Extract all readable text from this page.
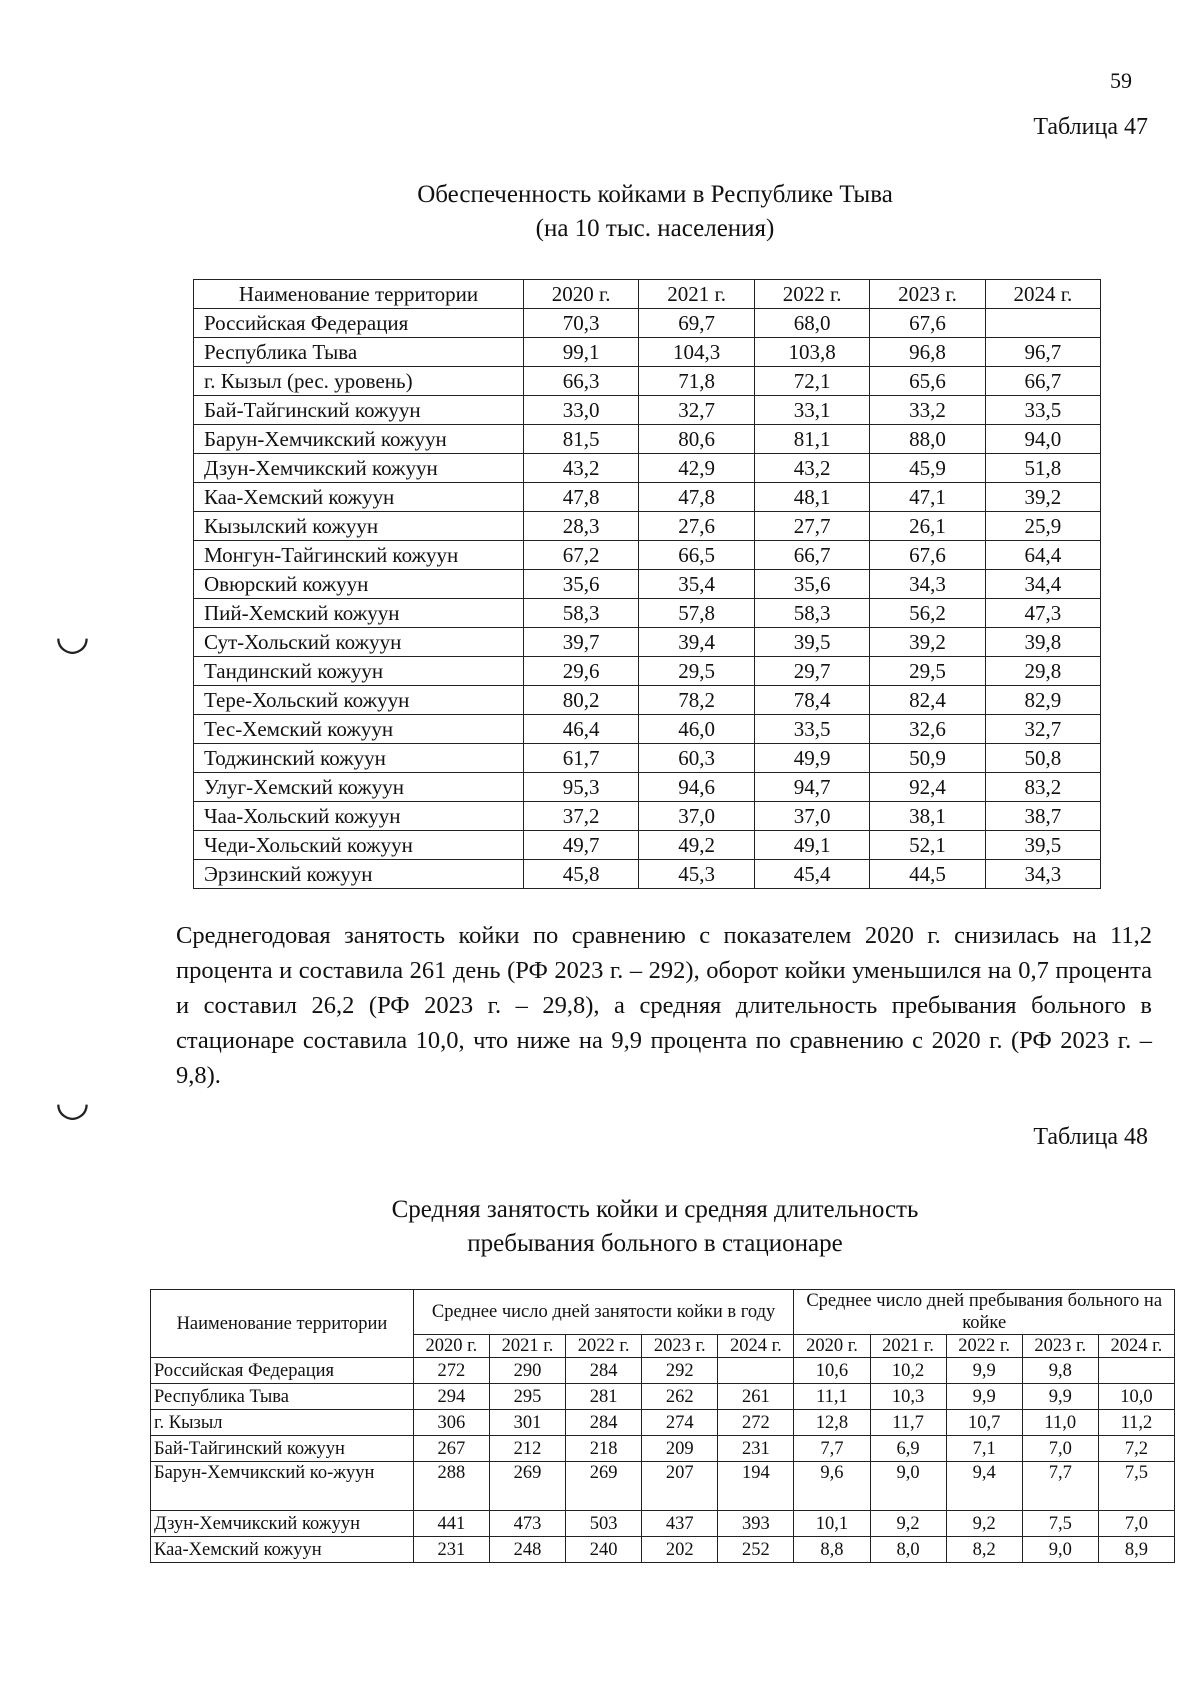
59
Таблица 47
Обеспеченность койками в Республике Тыва
(на 10 тыс. населения)
Наименование территории	2020 г.	2021 г.	2022 г.	2023 г.	2024 г.
Российская Федерация	70,3	69,7	68,0	67,6	
Республика Тыва	99,1	104,3	103,8	96,8	96,7
г. Кызыл (рес. уровень)	66,3	71,8	72,1	65,6	66,7
Бай-Тайгинский кожуун	33,0	32,7	33,1	33,2	33,5
Барун-Хемчикский кожуун	81,5	80,6	81,1	88,0	94,0
Дзун-Хемчикский кожуун	43,2	42,9	43,2	45,9	51,8
Каа-Хемский кожуун	47,8	47,8	48,1	47,1	39,2
Кызылский кожуун	28,3	27,6	27,7	26,1	25,9
Монгун-Тайгинский кожуун	67,2	66,5	66,7	67,6	64,4
Овюрский кожуун	35,6	35,4	35,6	34,3	34,4
Пий-Хемский кожуун	58,3	57,8	58,3	56,2	47,3
Сут-Хольский кожуун	39,7	39,4	39,5	39,2	39,8
Тандинский кожуун	29,6	29,5	29,7	29,5	29,8
Тере-Хольский кожуун	80,2	78,2	78,4	82,4	82,9
Тес-Хемский кожуун	46,4	46,0	33,5	32,6	32,7
Тоджинский кожуун	61,7	60,3	49,9	50,9	50,8
Улуг-Хемский кожуун	95,3	94,6	94,7	92,4	83,2
Чаа-Хольский кожуун	37,2	37,0	37,0	38,1	38,7
Чеди-Хольский кожуун	49,7	49,2	49,1	52,1	39,5
Эрзинский кожуун	45,8	45,3	45,4	44,5	34,3
Среднегодовая занятость койки по сравнению с показателем 2020 г. снизилась на 11,2 процента и составила 261 день (РФ 2023 г. – 292), оборот койки уменьшился на 0,7 процента и составил 26,2 (РФ 2023 г. – 29,8), а средняя длительность пребывания больного в стационаре составила 10,0, что ниже на 9,9 процента по сравнению с 2020 г. (РФ 2023 г. – 9,8).
Таблица 48
Средняя занятость койки и средняя длительность
пребывания больного в стационаре
Наименование территории	Среднее число дней занятости койки в году					Среднее число дней пребывания больного на койке				
	2020 г.	2021 г.	2022 г.	2023 г.	2024 г.	2020 г.	2021 г.	2022 г.	2023 г.	2024 г.
Российская Федерация	272	290	284	292		10,6	10,2	9,9	9,8	
Республика Тыва	294	295	281	262	261	11,1	10,3	9,9	9,9	10,0
г. Кызыл	306	301	284	274	272	12,8	11,7	10,7	11,0	11,2
Бай-Тайгинский кожуун	267	212	218	209	231	7,7	6,9	7,1	7,0	7,2
Барун-Хемчикский ко-жуун	288	269	269	207	194	9,6	9,0	9,4	7,7	7,5
Дзун-Хемчикский кожуун	441	473	503	437	393	10,1	9,2	9,2	7,5	7,0
Каа-Хемский кожуун	231	248	240	202	252	8,8	8,0	8,2	9,0	8,9
◡
◡
